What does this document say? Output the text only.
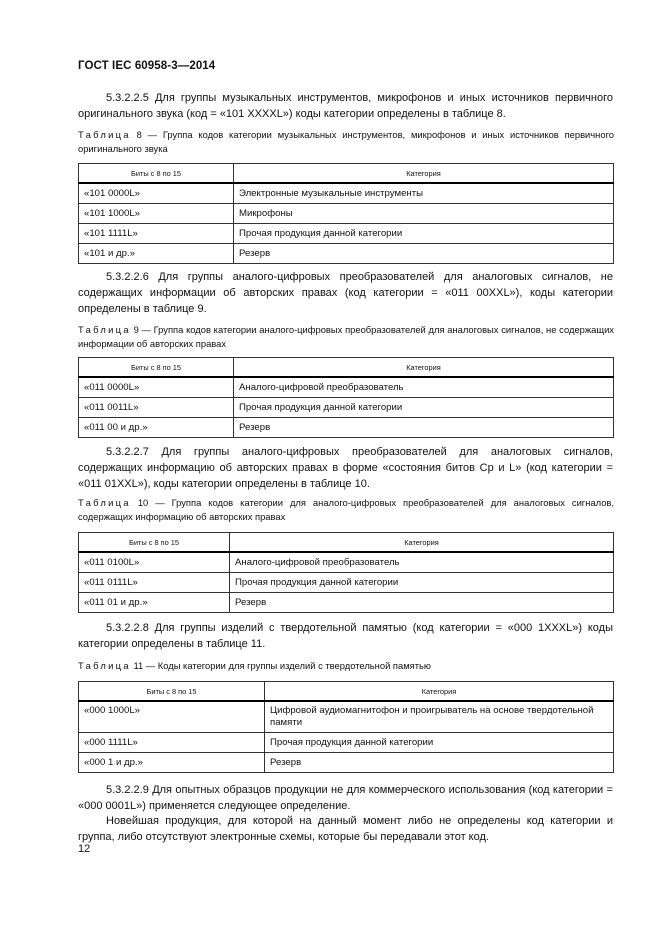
ГОСТ IEC 60958-3—2014

5.3.2.2.5 Для группы музыкальных инструментов, микрофонов и иных источников первичного оригинального звука (код = «101 XXXXL») коды категории определены в таблице 8.

Таблица 8 — Группа кодов категории музыкальных инструментов, микрофонов и иных источников первичного оригинального звука

Биты с 8 по 15	Категория
«101 0000L»	Электронные музыкальные инструменты
«101 1000L»	Микрофоны
«101 1111L»	Прочая продукция данной категории
«101 и др.»	Резерв

5.3.2.2.6 Для группы аналого-цифровых преобразователей для аналоговых сигналов, не содержащих информации об авторских правах (код категории = «011 00XXL»), коды категории определены в таблице 9.

Таблица 9 — Группа кодов категории аналого-цифровых преобразователей для аналоговых сигналов, не содержащих информации об авторских правах

Биты с 8 по 15	Категория
«011 0000L»	Аналого-цифровой преобразователь
«011 0011L»	Прочая продукция данной категории
«011 00 и др.»	Резерв

5.3.2.2.7 Для группы аналого-цифровых преобразователей для аналоговых сигналов, содержащих информацию об авторских правах в форме «состояния битов Cp и L» (код категории = «011 01XXL»), коды категории определены в таблице 10.

Таблица 10 — Группа кодов категории для аналого-цифровых преобразователей для аналоговых сигналов, содержащих информацию об авторских правах

Биты с 8 по 15	Категория
«011 0100L»	Аналого-цифровой преобразователь
«011 0111L»	Прочая продукция данной категории
«011 01 и др.»	Резерв

5.3.2.2.8 Для группы изделий с твердотельной памятью (код категории = «000 1XXXL») коды категории определены в таблице 11.

Таблица 11 — Коды категории для группы изделий с твердотельной памятью

Биты с 8 по 15	Категория
«000 1000L»	Цифровой аудиомагнитофон и проигрыватель на основе твердотельной памяти
«000 1111L»	Прочая продукция данной категории
«000 1 и др.»	Резерв

5.3.2.2.9 Для опытных образцов продукции не для коммерческого использования (код категории = «000 0001L») применяется следующее определение.

Новейшая продукция, для которой на данный момент либо не определены код категории и группа, либо отсутствуют электронные схемы, которые бы передавали этот код.

12
